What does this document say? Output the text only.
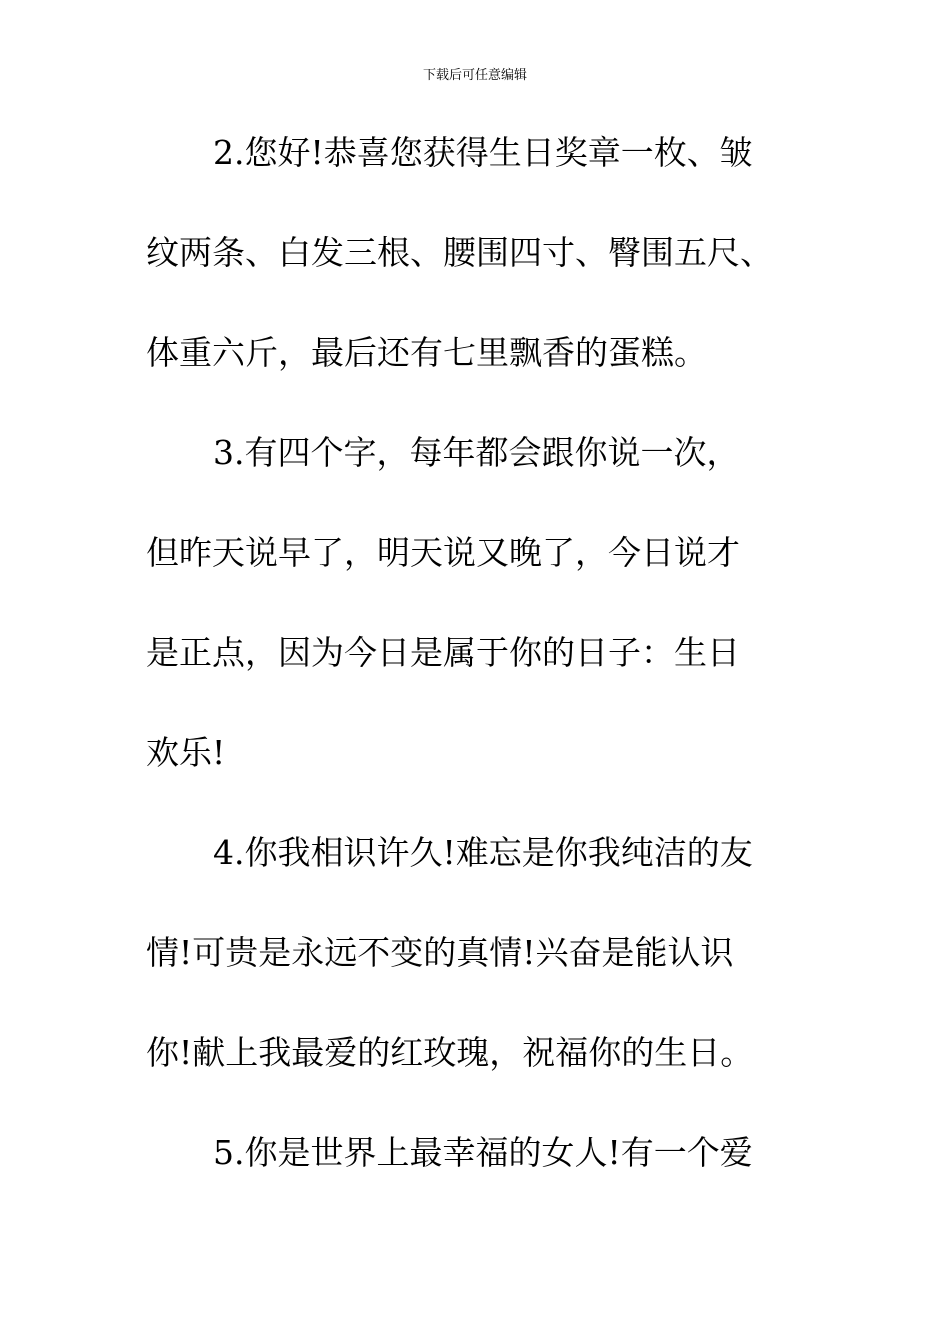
下载后可任意编辑
2.您好!恭喜您获得生日奖章一枚、皱
纹两条、白发三根、腰围四寸、臀围五尺、
体重六斤，最后还有七里飘香的蛋糕。
3.有四个字，每年都会跟你说一次，
但昨天说早了，明天说又晚了，今日说才
是正点，因为今日是属于你的日子：生日
欢乐!
4.你我相识许久!难忘是你我纯洁的友
情!可贵是永远不变的真情!兴奋是能认识
你!献上我最爱的红玫瑰，祝福你的生日。
5.你是世界上最幸福的女人!有一个爱
